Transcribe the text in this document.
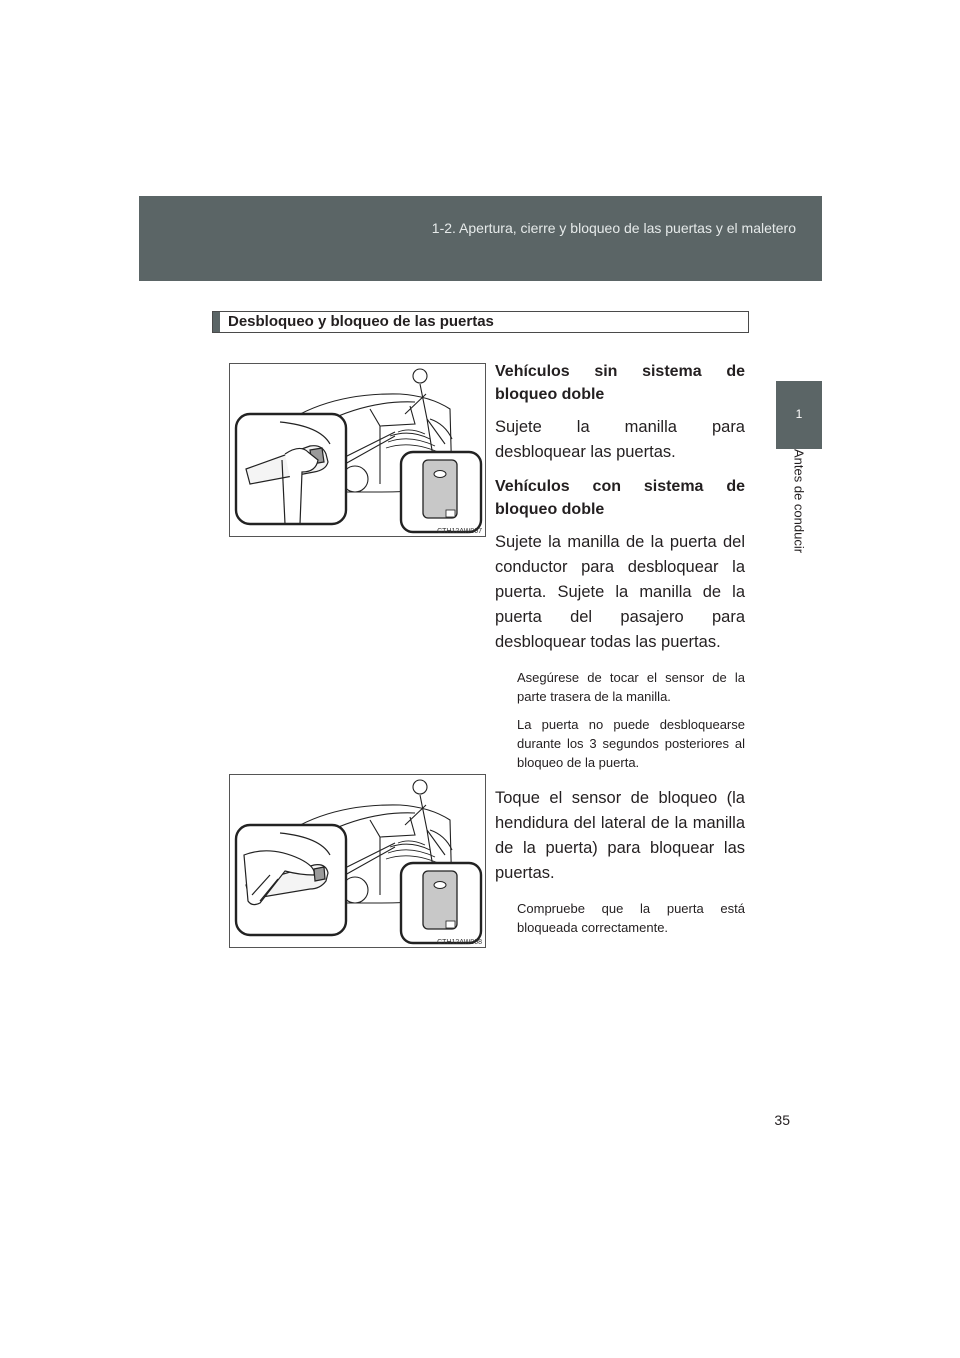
1-2. Apertura, cierre y bloqueo de las puertas y el maletero
1
Antes de conducir
Desbloqueo y bloqueo de las puertas
CTH12AW007
CTH12AW008

Vehículos sin sistema de

bloqueo doble

Sujete la manilla para desbloquear las puertas.

Vehículos con sistema de

bloqueo doble

Sujete la manilla de la puerta del conductor para desbloquear la puerta. Sujete la manilla de la puerta del pasajero para desbloquear todas las puertas.

Asegúrese de tocar el sensor de la parte trasera de la manilla.

La puerta no puede desbloquearse durante los 3 segundos posteriores al bloqueo de la puerta.

Toque el sensor de bloqueo (la hendidura del lateral de la manilla de la puerta) para bloquear las puertas.

Compruebe que la puerta está bloqueada correctamente.

35
